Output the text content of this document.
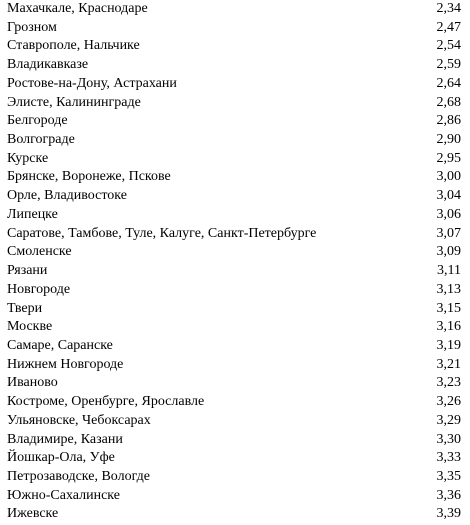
Махачкале, Краснодаре	2,34
Грозном	2,47
Ставрополе, Нальчике	2,54
Владикавказе	2,59
Ростове-на-Дону, Астрахани	2,64
Элисте, Калининграде	2,68
Белгороде	2,86
Волгограде	2,90
Курске	2,95
Брянске, Воронеже, Пскове	3,00
Орле, Владивостоке	3,04
Липецке	3,06
Саратове, Тамбове, Туле, Калуге, Санкт-Петербурге	3,07
Смоленске	3,09
Рязани	3,11
Новгороде	3,13
Твери	3,15
Москве	3,16
Самаре, Саранске	3,19
Нижнем Новгороде	3,21
Иваново	3,23
Костроме, Оренбурге, Ярославле	3,26
Ульяновске, Чебоксарах	3,29
Владимире, Казани	3,30
Йошкар-Ола, Уфе	3,33
Петрозаводске, Вологде	3,35
Южно-Сахалинске	3,36
Ижевске	3,39
